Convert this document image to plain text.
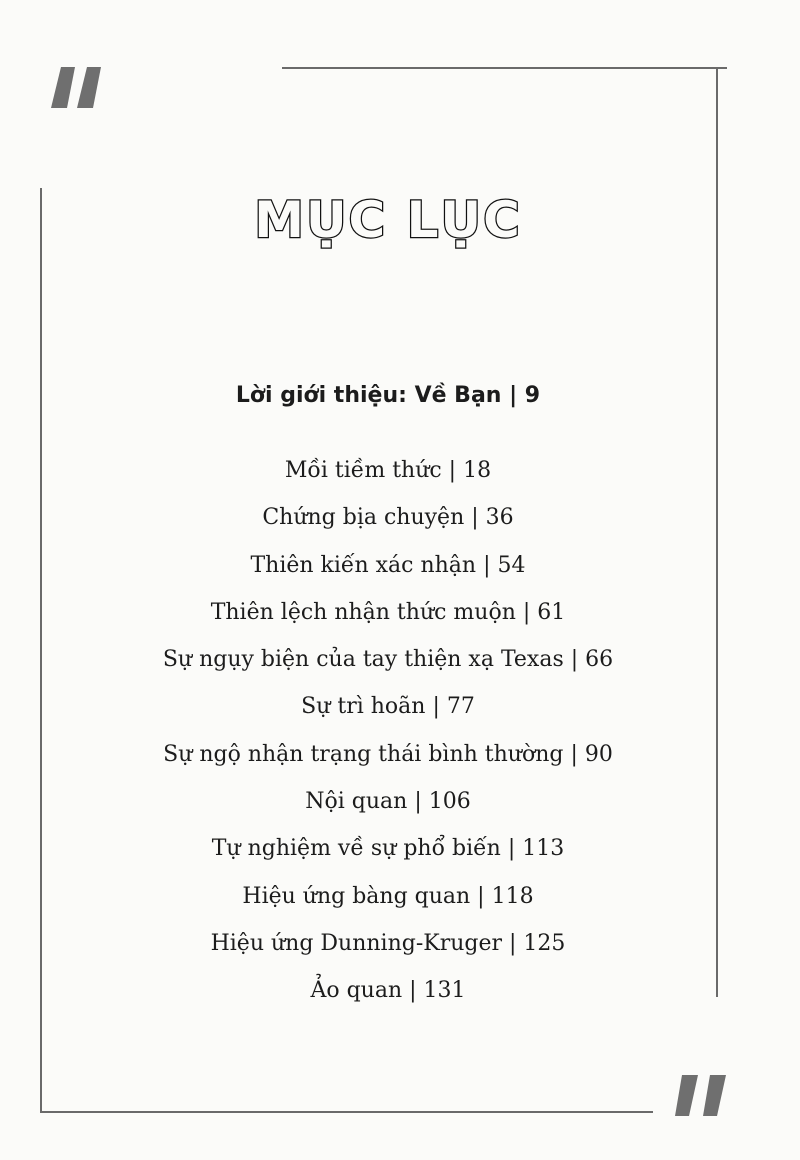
MỤC LỤC
Lời giới thiệu: Về Bạn | 9
Mồi tiềm thức | 18
Chứng bịa chuyện | 36
Thiên kiến xác nhận | 54
Thiên lệch nhận thức muộn | 61
Sự ngụy biện của tay thiện xạ Texas | 66
Sự trì hoãn | 77
Sự ngộ nhận trạng thái bình thường | 90
Nội quan | 106
Tự nghiệm về sự phổ biến | 113
Hiệu ứng bàng quan | 118
Hiệu ứng Dunning-Kruger | 125
Ảo quan | 131
